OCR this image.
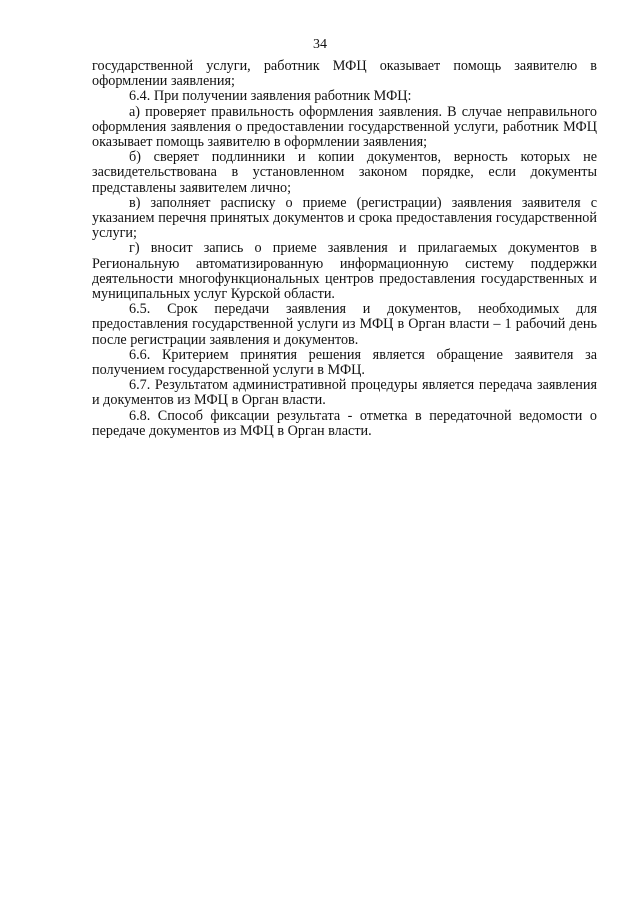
34

государственной услуги, работник МФЦ оказывает помощь заявителю в оформлении заявления;

6.4. При получении заявления работник МФЦ:

а) проверяет правильность оформления заявления. В случае неправильного оформления заявления о предоставлении государственной услуги, работник МФЦ оказывает помощь заявителю в оформлении заявления;

б) сверяет подлинники и копии документов, верность которых не засвидетельствована в установленном законом порядке, если документы представлены заявителем лично;

в) заполняет расписку о приеме (регистрации) заявления заявителя с указанием перечня принятых документов и срока предоставления государственной услуги;

г) вносит запись о приеме заявления и прилагаемых документов в Региональную автоматизированную информационную систему поддержки деятельности многофункциональных центров предоставления государственных и муниципальных услуг Курской области.

6.5. Срок передачи заявления и документов, необходимых для предоставления государственной услуги из МФЦ в Орган власти – 1 рабочий день после регистрации заявления и документов.

6.6. Критерием принятия решения является обращение заявителя за получением государственной услуги в МФЦ.

6.7. Результатом административной процедуры является передача заявления и документов из МФЦ в Орган власти.

6.8. Способ фиксации результата - отметка в передаточной ведомости о передаче документов из МФЦ в Орган власти.
